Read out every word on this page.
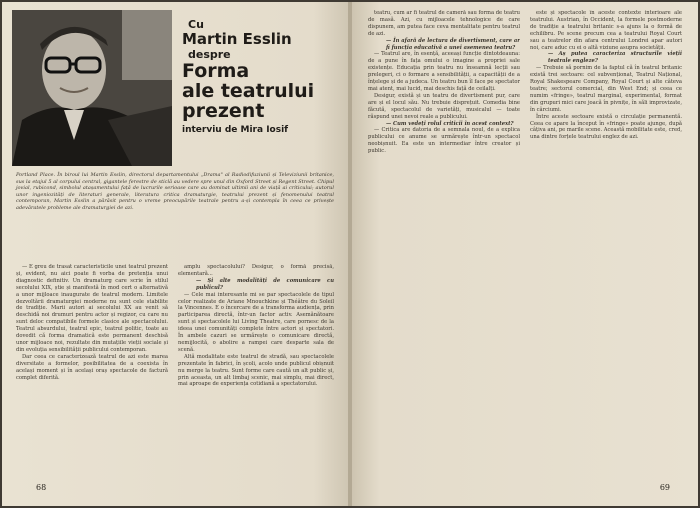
Cu
Martin Esslin
despre
Forma
ale teatrului
prezent
interviu de Mira Iosif
Portland Place. În biroul lui Martin Esslin, directorul departamentului „Drama" al Radiodifuziunii și Televiziunii britanice, sus la etajul 5 al corpului central, gigantele ferestre de sticlă au vedere spre unul din Oxford Street și Regent Street. Chipul jovial, rubicond, simbolul atașamentului față de lucrurile serioase care au dominat ultimii ani de viață ai criticului; autorul unor ingeniozități de literaturi generale, literatura critica dramaturgie, teatrului prezent și fenomenului teatral contemporan, Martin Esslin a părăsit pentru o vreme preocupările teatrale pentru a-și contempla în ceea ce privește adevăratele probleme ale dramaturgiei de azi.

— E greu de trasat caracteristicile unei teatrul prezent și, evident, nu aici poate fi vorba de pretenția unui diagnostic definitiv. Un dramaturg care scrie în stilul secolului XIX, știe și manifestă în mod cert o alternativă a unor mijloace inaugurate de teatrul modern. Limitele dezvoltării dramaturgiei moderne nu sunt cele stabilite de tradiție. Marii autori ai secolului XX au venit să deschidă noi drumuri pentru actor și regizor, cu care nu sunt deloc compatibile formele clasice ale spectacolului. Teatrul absurdului, teatrul epic, teatrul politic, toate au dovedit că forma dramatică este permanent deschisă unor mijloace noi, rezultate din mutațiile vieții sociale și din evoluția sensibilității publicului contemporan.

Dar ceea ce caracterizează teatrul de azi este marea diversitate a formelor, posibilitatea de a coexista în același moment și în același oraș spectacole de factură complet diferită.

amplu spectacolului? Desigur, o formă precisă, elementară...

— Și alte modalități de comunicare cu publicul?

— Cele mai interesante mi se par spectacolele de tipul celor realizate de Ariane Mnouchkine și Théâtre du Soleil la Vincennes. E o încercare de a transforma audiența, prin participarea directă, într-un factor activ. Asemănătoare sunt și spectacolele lui Living Theatre, care pornesc de la ideea unei comunități complete între actori și spectatori. În ambele cazuri se urmărește o comunicare directă, nemijlocită, o abolire a rampei care desparte sala de scenă.

Altă modalitate este teatrul de stradă, sau spectacolele prezentate în fabrici, în școli, acolo unde publicul obișnuit nu merge la teatru. Sunt forme care caută un alt public și, prin aceasta, un alt limbaj scenic, mai simplu, mai direct, mai aproape de experiența cotidiană a spectatorului.

68

teatru, cum ar fi teatrul de cameră sau forma de teatru de masă. Azi, cu mijloacele tehnologice de care dispunem, am putea face ceva mentalitate pentru teatrul de azi.

— În afară de lectura de divertisment, care ar fi funcția educativă a unei asemenea teatru?

— Teatrul are, în esență, aceeași funcție dintotdeauna: de a pune în fața omului o imagine a propriei sale existențe. Educația prin teatru nu înseamnă lecții sau prelegeri, ci o formare a sensibilității, a capacității de a înțelege și de a judeca. Un teatru bun îl face pe spectator mai atent, mai lucid, mai deschis față de ceilalți.

Desigur, există și un teatru de divertisment pur, care are și el locul său. Nu trebuie disprețuit. Comedia bine făcută, spectacolul de varietăți, musicalul — toate răspund unei nevoi reale a publicului.

— Cum vedeți rolul criticii în acest context?

— Critica are datoria de a semnala noul, de a explica publicului ce anume se urmărește într-un spectacol neobișnuit. Ea este un intermediar între creator și public.

este și spectacole în aceste contexte interioare ale teatrului. Austrian, în Occident, la formele postmoderne de tradiție a teatrului britanic s-a ajuns la o formă de echilibru. Pe scene precum cea a teatrului Royal Court sau a teatrelor din afara centrului Londrei apar autori noi, care aduc cu ei o altă viziune asupra societății.

— Aș putea caracteriza structurile vieții teatrale engleze?

— Trebuie să pornim de la faptul că în teatrul britanic există trei sectoare: cel subvenționat, Teatrul Național, Royal Shakespeare Company, Royal Court și alte câteva teatre; sectorul comercial, din West End; și ceea ce numim «fringe», teatrul marginal, experimental, format din grupuri mici care joacă în pivnițe, în săli improvizate, în cârciumi.

Între aceste sectoare există o circulație permanentă. Ceea ce apare la început în «fringe» poate ajunge, după câțiva ani, pe marile scene. Această mobilitate este, cred, una dintre forțele teatrului englez de azi.

69
